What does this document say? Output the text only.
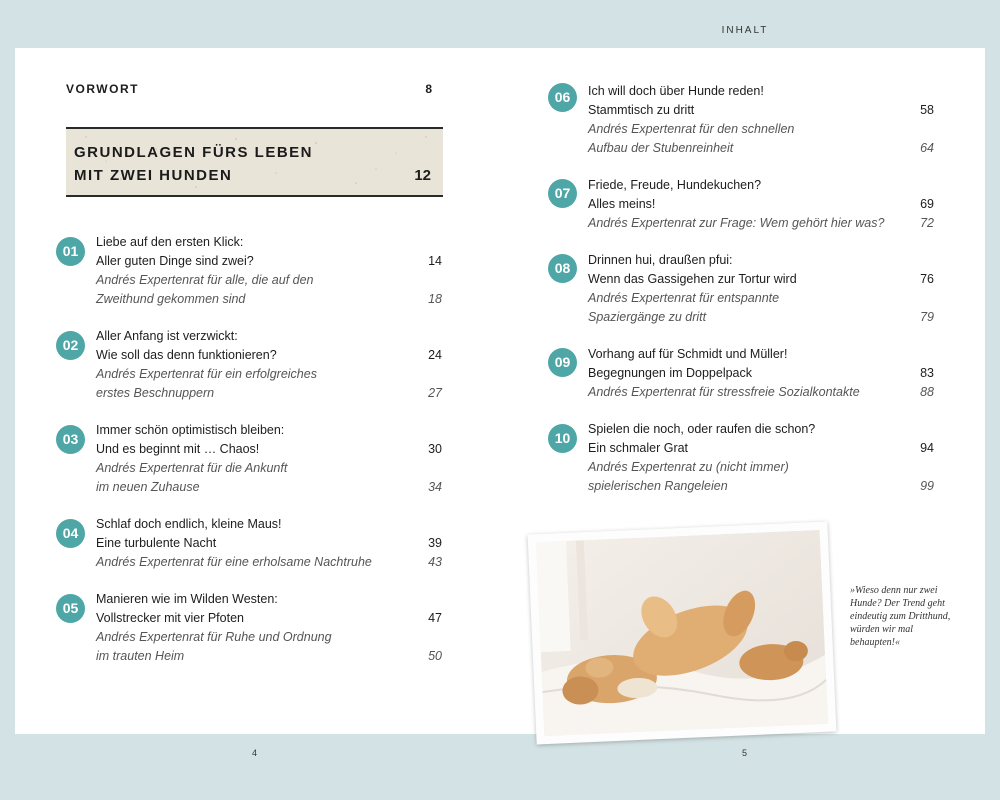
INHALT
VORWORT	8
GRUNDLAGEN FÜRS LEBEN
MIT ZWEI HUNDEN	12
01
Liebe auf den ersten Klick:
Aller guten Dinge sind zwei?	14
Andrés Expertenrat für alle, die auf den
Zweithund gekommen sind	18
02
Aller Anfang ist verzwickt:
Wie soll das denn funktionieren?	24
Andrés Expertenrat für ein erfolgreiches
erstes Beschnuppern	27
03
Immer schön optimistisch bleiben:
Und es beginnt mit … Chaos!	30
Andrés Expertenrat für die Ankunft
im neuen Zuhause	34
04
Schlaf doch endlich, kleine Maus!
Eine turbulente Nacht	39
Andrés Expertenrat für eine erholsame Nachtruhe	43
05
Manieren wie im Wilden Westen:
Vollstrecker mit vier Pfoten	47
Andrés Expertenrat für Ruhe und Ordnung
im trauten Heim	50
06	Ich will doch über Hunde reden!
Stammtisch zu dritt	58
Andrés Expertenrat für den schnellen
Aufbau der Stubenreinheit	64
07	Friede, Freude, Hundekuchen?
Alles meins!	69
Andrés Expertenrat zur Frage: Wem gehört hier was?	72
08	Drinnen hui, draußen pfui:
Wenn das Gassigehen zur Tortur wird	76
Andrés Expertenrat für entspannte
Spaziergänge zu dritt	79
09	Vorhang auf für Schmidt und Müller!
Begegnungen im Doppelpack	83
Andrés Expertenrat für stressfreie Sozialkontakte	88
10
Spielen die noch, oder raufen die schon?
Ein schmaler Grat	94
Andrés Expertenrat zu (nicht immer)
spielerischen Rangeleien	99
»Wieso denn nur zwei Hunde? Der Trend geht eindeutig zum Dritthund, würden wir mal behaupten!«
4	5
